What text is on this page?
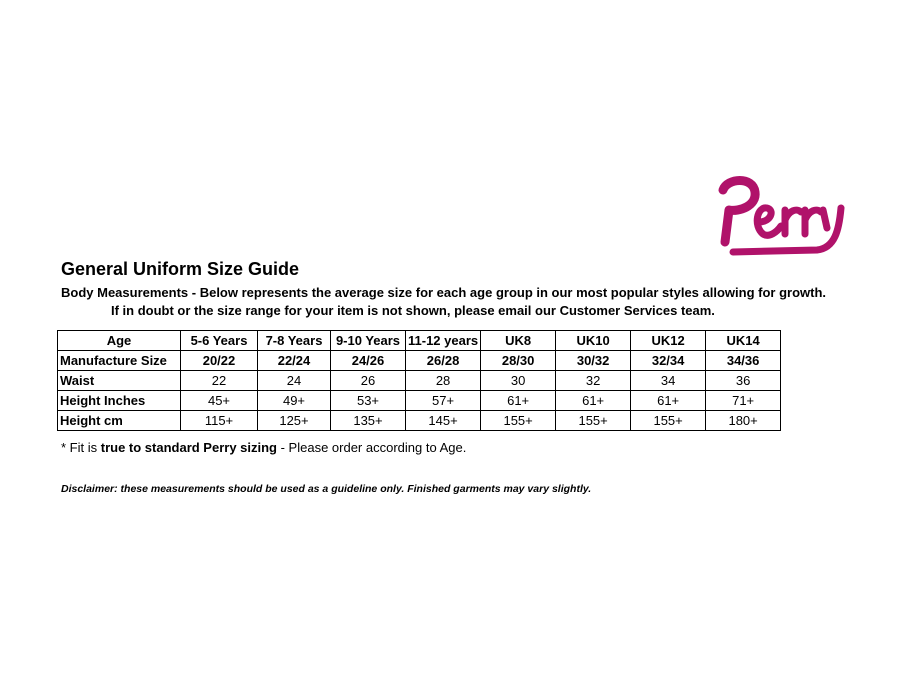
General Uniform Size Guide
Body Measurements - Below represents the average size for each age group in our most popular styles allowing for growth.
If in doubt or the size range for your item is not shown, please email our Customer Services team.
Age	5-6 Years	7-8 Years	9-10 Years	11-12 years	UK8	UK10	UK12	UK14
Manufacture Size	20/22	22/24	24/26	26/28	28/30	30/32	32/34	34/36
Waist	22	24	26	28	30	32	34	36
Height Inches	45+	49+	53+	57+	61+	61+	61+	71+
Height cm	115+	125+	135+	145+	155+	155+	155+	180+
* Fit is true to standard Perry sizing - Please order according to Age.
Disclaimer: these measurements should be used as a guideline only. Finished garments may vary slightly.
